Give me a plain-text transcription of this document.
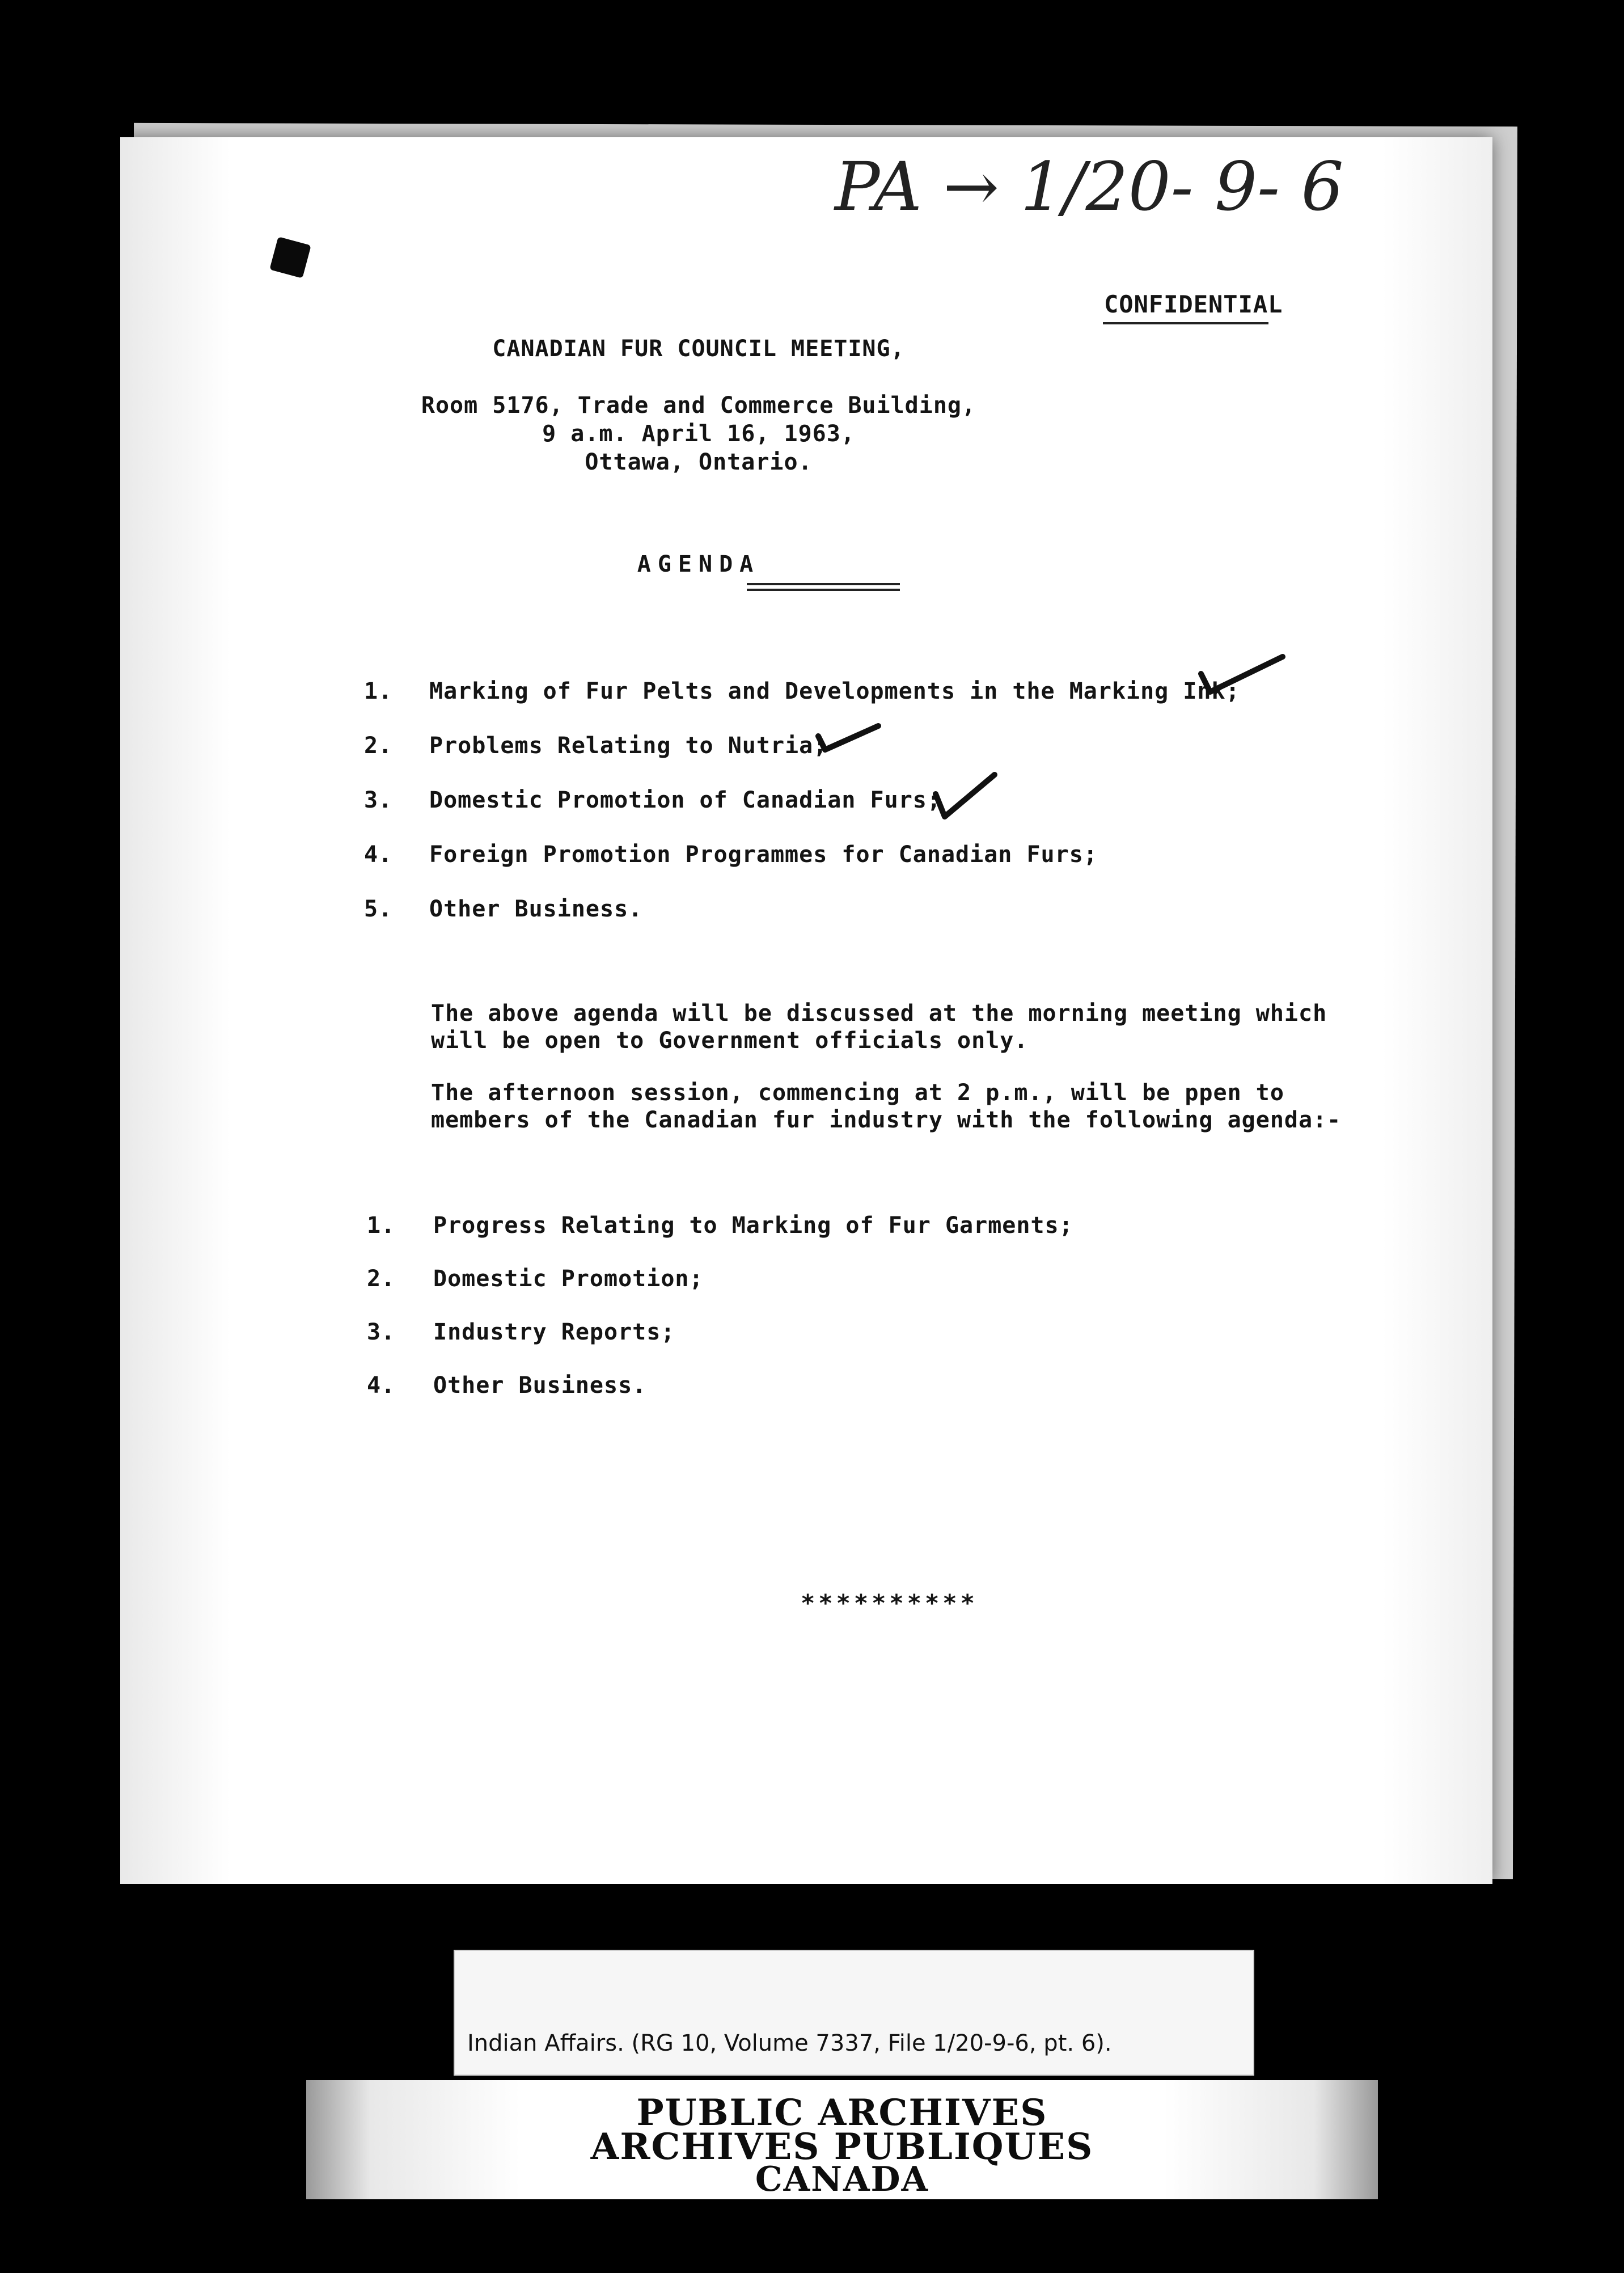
PA → 1/20- 9- 6
CONFIDENTIAL
CANADIAN FUR COUNCIL MEETING,
Room 5176, Trade and Commerce Building,
9 a.m. April 16, 1963,
Ottawa, Ontario.
AGENDA
1. Marking of Fur Pelts and Developments in the Marking Ink;
2. Problems Relating to Nutria;
3. Domestic Promotion of Canadian Furs;
4. Foreign Promotion Programmes for Canadian Furs;
5. Other Business.
The above agenda will be discussed at the morning meeting which
will be open to Government officials only.
The afternoon session, commencing at 2 p.m., will be ppen to
members of the Canadian fur industry with the following agenda:-
1. Progress Relating to Marking of Fur Garments;
2. Domestic Promotion;
3. Industry Reports;
4. Other Business.
**********
Indian Affairs. (RG 10, Volume 7337, File 1/20-9-6, pt. 6).
PUBLIC ARCHIVES
ARCHIVES PUBLIQUES
CANADA
